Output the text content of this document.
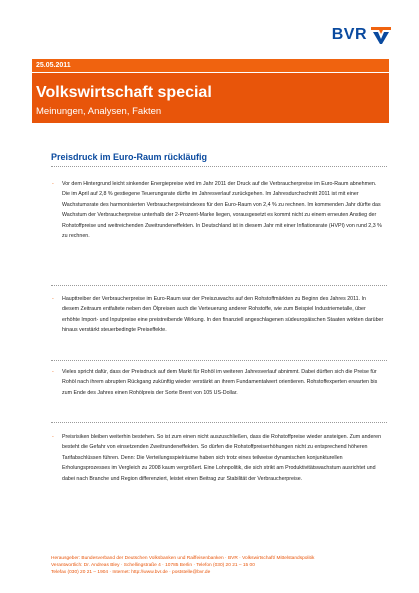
BVR
25.05.2011
Volkswirtschaft special
Meinungen, Analysen, Fakten
Preisdruck im Euro-Raum rückläufig
- Vor dem Hintergrund leicht sinkender Energiepreise wird im Jahr 2011 der Druck auf die Verbraucherpreise im Euro-Raum abnehmen. Die im April auf 2,8 % gestiegene Teuerungsrate dürfte im Jahresverlauf zurückgehen. Im Jahresdurchschnitt 2011 ist mit einer Wachstumsrate des harmonisierten Verbraucherpreisindexes für den Euro-Raum von 2,4 % zu rechnen. Im kommenden Jahr dürfte das Wachstum der Verbraucherpreise unterhalb der 2-Prozent-Marke liegen, vorausgesetzt es kommt nicht zu einem erneuten Anstieg der Rohstoffpreise und weitreichenden Zweitrundeneffekten. In Deutschland ist in diesem Jahr mit einer Inflationsrate (HVPI) von rund 2,3 % zu rechnen.
- Haupttreiber der Verbraucherpreise im Euro-Raum war der Preiszuwachs auf den Rohstoffmärkten zu Beginn des Jahres 2011. In diesem Zeitraum entfaltete neben den Ölpreisen auch die Verteuerung anderer Rohstoffe, wie zum Beispiel Industriemetalle, über erhöhte Import- und Inputpreise eine preistreibende Wirkung. In den finanziell angeschlagenen südeuropäischen Staaten wirkten darüber hinaus verstärkt steuerbedingte Preiseffekte.
- Vieles spricht dafür, dass der Preisdruck auf dem Markt für Rohöl im weiteren Jahresverlauf abnimmt. Dabei dürften sich die Preise für Rohöl nach ihrem abrupten Rückgang zukünftig wieder verstärkt an ihrem Fundamentalwert orientieren. Rohstoffexperten erwarten bis zum Ende des Jahres einen Rohölpreis der Sorte Brent von 105 US-Dollar.
- Preisrisiken bleiben weiterhin bestehen. So ist zum einen nicht auszuschließen, dass die Rohstoffpreise wieder ansteigen. Zum anderen besteht die Gefahr von einsetzenden Zweitrundeneffekten. So dürfen die Rohstoffpreiserhöhungen nicht zu entsprechend höheren Tarifabschlüssen führen. Denn: Die Verteilungsspielräume haben sich trotz eines teilweise dynamischen konjunkturellen Erholungsprozesses im Vergleich zu 2008 kaum vergrößert. Eine Lohnpolitik, die sich strikt am Produktivitätswachstum ausrichtet und dabei nach Branche und Region differenziert, leistet einen Beitrag zur Stabilität der Verbraucherpreise.
Herausgeber: Bundesverband der Deutschen Volksbanken und Raiffeisenbanken · BVR · Volkswirtschaft/ Mittelstandspolitik
Verantwortlich: Dr. Andreas Bley · Schellingstraße 4 · 10785 Berlin · Telefon (030) 20 21 – 15 00
Telefax (030) 20 21 – 1904 · Internet: http://www.bvr.de · poststelle@bvr.de
